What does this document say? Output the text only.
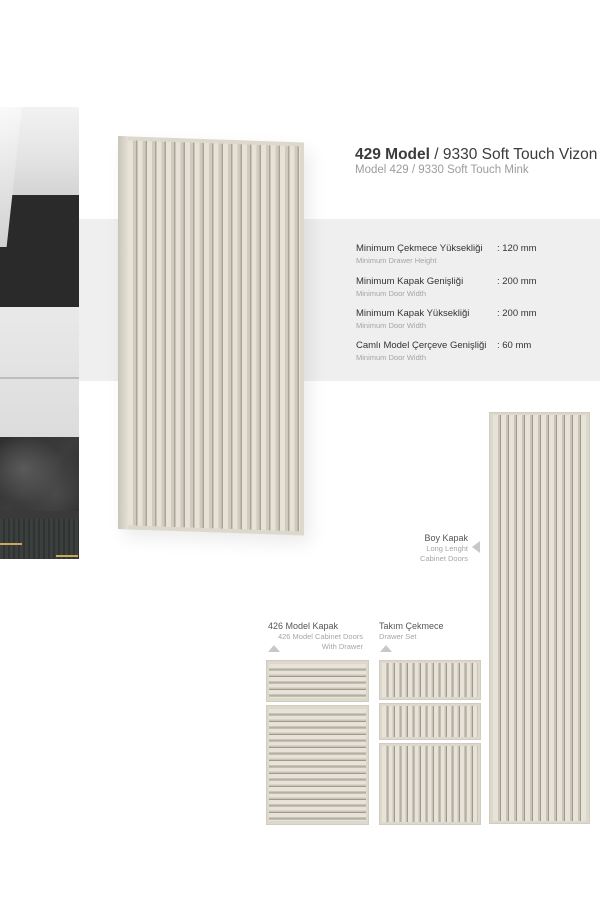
429 Model / 9330 Soft Touch Vizon
Model 429 / 9330 Soft Touch Mink
Minimum Çekmece Yüksekliği : 120 mm
Minimum Drawer Height
Minimum Kapak Genişliği	: 200 mm
Minimum Door Width
Minimum Kapak Yüksekliği	: 200 mm
Minimum Door Width
Camlı Model Çerçeve Genişliği : 60 mm
Minimum Door Width
Boy Kapak
Long Lenght
Cabinet Doors
426 Model Kapak
426 Model Cabinet Doors
With Drawer
Takım Çekmece
Drawer Set
